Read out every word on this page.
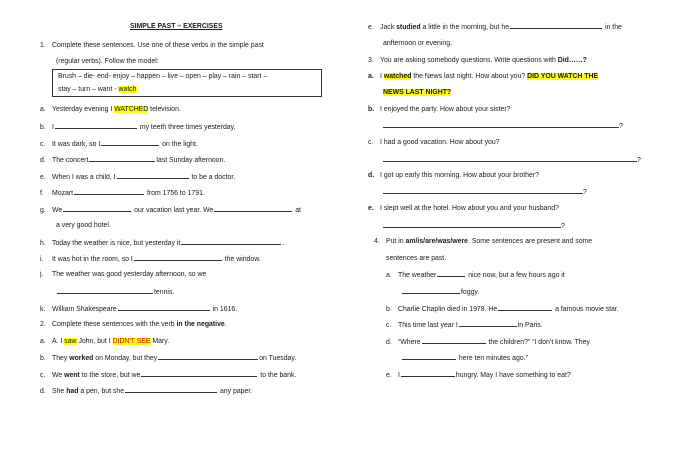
SIMPLE PAST – EXERCISES
1. Complete these sentences. Use one of these verbs in the simple past
(regular verbs). Follow the model:
Brush – die- end- enjoy – happen – live – open – play – rain – start –
stay – turn – want - watch
a. Yesterday evening I WATCHED television.
b. I	my teeth three times yesterday.
c. It was dark, so I	on the light.
d. The concert	last Sunday afternoon.
e. When I was a child, I	to be a doctor.
f. Mozart	from 1756 to 1791.
g. We	our vacation last year. We	at
a very good hotel.
h. Today the weather is nice, but yesterday it	.
i. It was hot in the room, so I	the window.
j. The weather was good yesterday afternoon, so we
tennis.
k. William Shakespeare	in 1616.
2. Complete these sentences with the verb in the negative.
a. A. I saw John, but I DIDN'T SEE Mary.
b. They worked on Monday, but they	on Tuesday.
c. We went to the store, but we	to the bank.
d. She had a pen, but she	any paper.
e. Jack studied a little in the morning, but he	in the
anfternoon or evening.
3. You are asking somebody questions. Write questions with Did……?
a. I watched the News last night. How about you? DID YOU WATCH THE
NEWS LAST NIGHT?
b. I enjoyed the party. How about your sister?
?
c. I had a good vacation. How about you?
?
d. I got up early this morning. How about your brother?
?
e. I slept well at the hotel. How about you and your husband?
?
4. Put in am/is/are/was/were. Some sentences are present and some
sentences are past.
a. The weather	nice now, but a few hours ago it
foggy.
b. Charlie Chaplin died in 1978. He	a famous movie star.
c. This time last year I	in Paris.
d. “Where	the children?” “I don’t know. They
here ten minutes ago.”
e. I	hungry. May I have something to eat?
